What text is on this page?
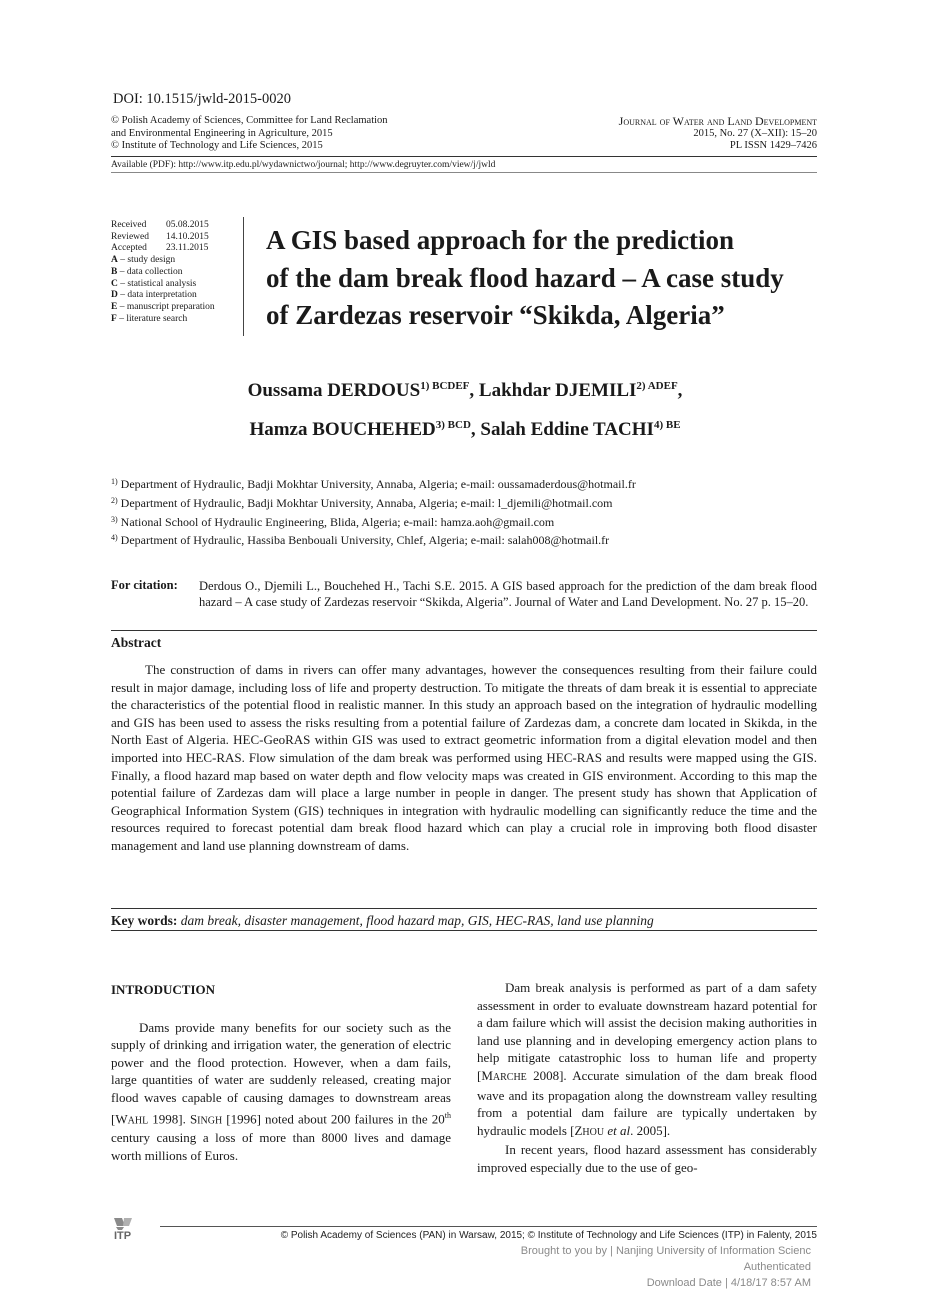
DOI: 10.1515/jwld-2015-0020
© Polish Academy of Sciences, Committee for Land Reclamation
and Environmental Engineering in Agriculture, 2015
© Institute of Technology and Life Sciences, 2015
Journal of Water and Land Development
2015, No. 27 (X–XII): 15–20
PL ISSN 1429–7426
Available (PDF): http://www.itp.edu.pl/wydawnictwo/journal; http://www.degruyter.com/view/j/jwld
Received 05.08.2015
Reviewed 14.10.2015
Accepted 23.11.2015
A – study design
B – data collection
C – statistical analysis
D – data interpretation
E – manuscript preparation
F – literature search
A GIS based approach for the prediction
of the dam break flood hazard – A case study
of Zardezas reservoir “Skikda, Algeria”
Oussama $DERDOUS^{1) BCDEF}$, Lakhdar $DJEMILI^{2) ADEF}$,
Hamza $BOUCHEHED^{3) BCD}$, Salah Eddine $TACHI^{4) BE}$
$^{1)}$ Department of Hydraulic, Badji Mokhtar University, Annaba, Algeria; e-mail: oussamaderdous@hotmail.fr
$^{2)}$ Department of Hydraulic, Badji Mokhtar University, Annaba, Algeria; e-mail: l_djemili@hotmail.com
$^{3)}$ National School of Hydraulic Engineering, Blida, Algeria; e-mail: hamza.aoh@gmail.com
$^{4)}$ Department of Hydraulic, Hassiba Benbouali University, Chlef, Algeria; e-mail: salah008@hotmail.fr
For citation: Derdous O., Djemili L., Bouchehed H., Tachi S.E. 2015. A GIS based approach for the prediction of the dam break flood hazard – A case study of Zardezas reservoir “Skikda, Algeria”. Journal of Water and Land Development. No. 27 p. 15–20.
Abstract
The construction of dams in rivers can offer many advantages, however the consequences resulting from their failure could result in major damage, including loss of life and property destruction. To mitigate the threats of dam break it is essential to appreciate the characteristics of the potential flood in realistic manner. In this study an approach based on the integration of hydraulic modelling and GIS has been used to assess the risks resulting from a potential failure of Zardezas dam, a concrete dam located in Skikda, in the North East of Algeria. HEC-GeoRAS within GIS was used to extract geometric information from a digital elevation model and then imported into HEC-RAS. Flow simulation of the dam break was performed using HEC-RAS and results were mapped using the GIS. Finally, a flood hazard map based on water depth and flow velocity maps was created in GIS environment. According to this map the potential failure of Zardezas dam will place a large number in people in danger. The present study has shown that Application of Geographical Information System (GIS) techniques in integration with hydraulic modelling can significantly reduce the time and the resources required to forecast potential dam break flood hazard which can play a crucial role in improving both flood disaster management and land use planning downstream of dams.
Key words: dam break, disaster management, flood hazard map, GIS, HEC-RAS, land use planning
INTRODUCTION

Dams provide many benefits for our society such as the supply of drinking and irrigation water, the generation of electric power and the flood protection. However, when a dam fails, large quantities of water are suddenly released, creating major flood waves capable of causing damages to downstream areas [WAHL 1998]. SINGH [1996] noted about 200 failures in the 20th century causing a loss of more than 8000 lives and damage worth millions of Euros.

Dam break analysis is performed as part of a dam safety assessment in order to evaluate downstream hazard potential for a dam failure which will assist the decision making authorities in land use planning and in developing emergency action plans to help mitigate catastrophic loss to human life and property [MARCHE 2008]. Accurate simulation of the dam break flood wave and its propagation along the downstream valley resulting from a potential dam failure are typically undertaken by hydraulic models [ZHOU et al. 2005].

In recent years, flood hazard assessment has considerably improved especially due to the use of geo-

ITP	© Polish Academy of Sciences (PAN) in Warsaw, 2015; © Institute of Technology and Life Sciences (ITP) in Falenty, 2015
Brought to you by | Nanjing University of Information Scienc
Authenticated
Download Date | 4/18/17 8:57 AM
